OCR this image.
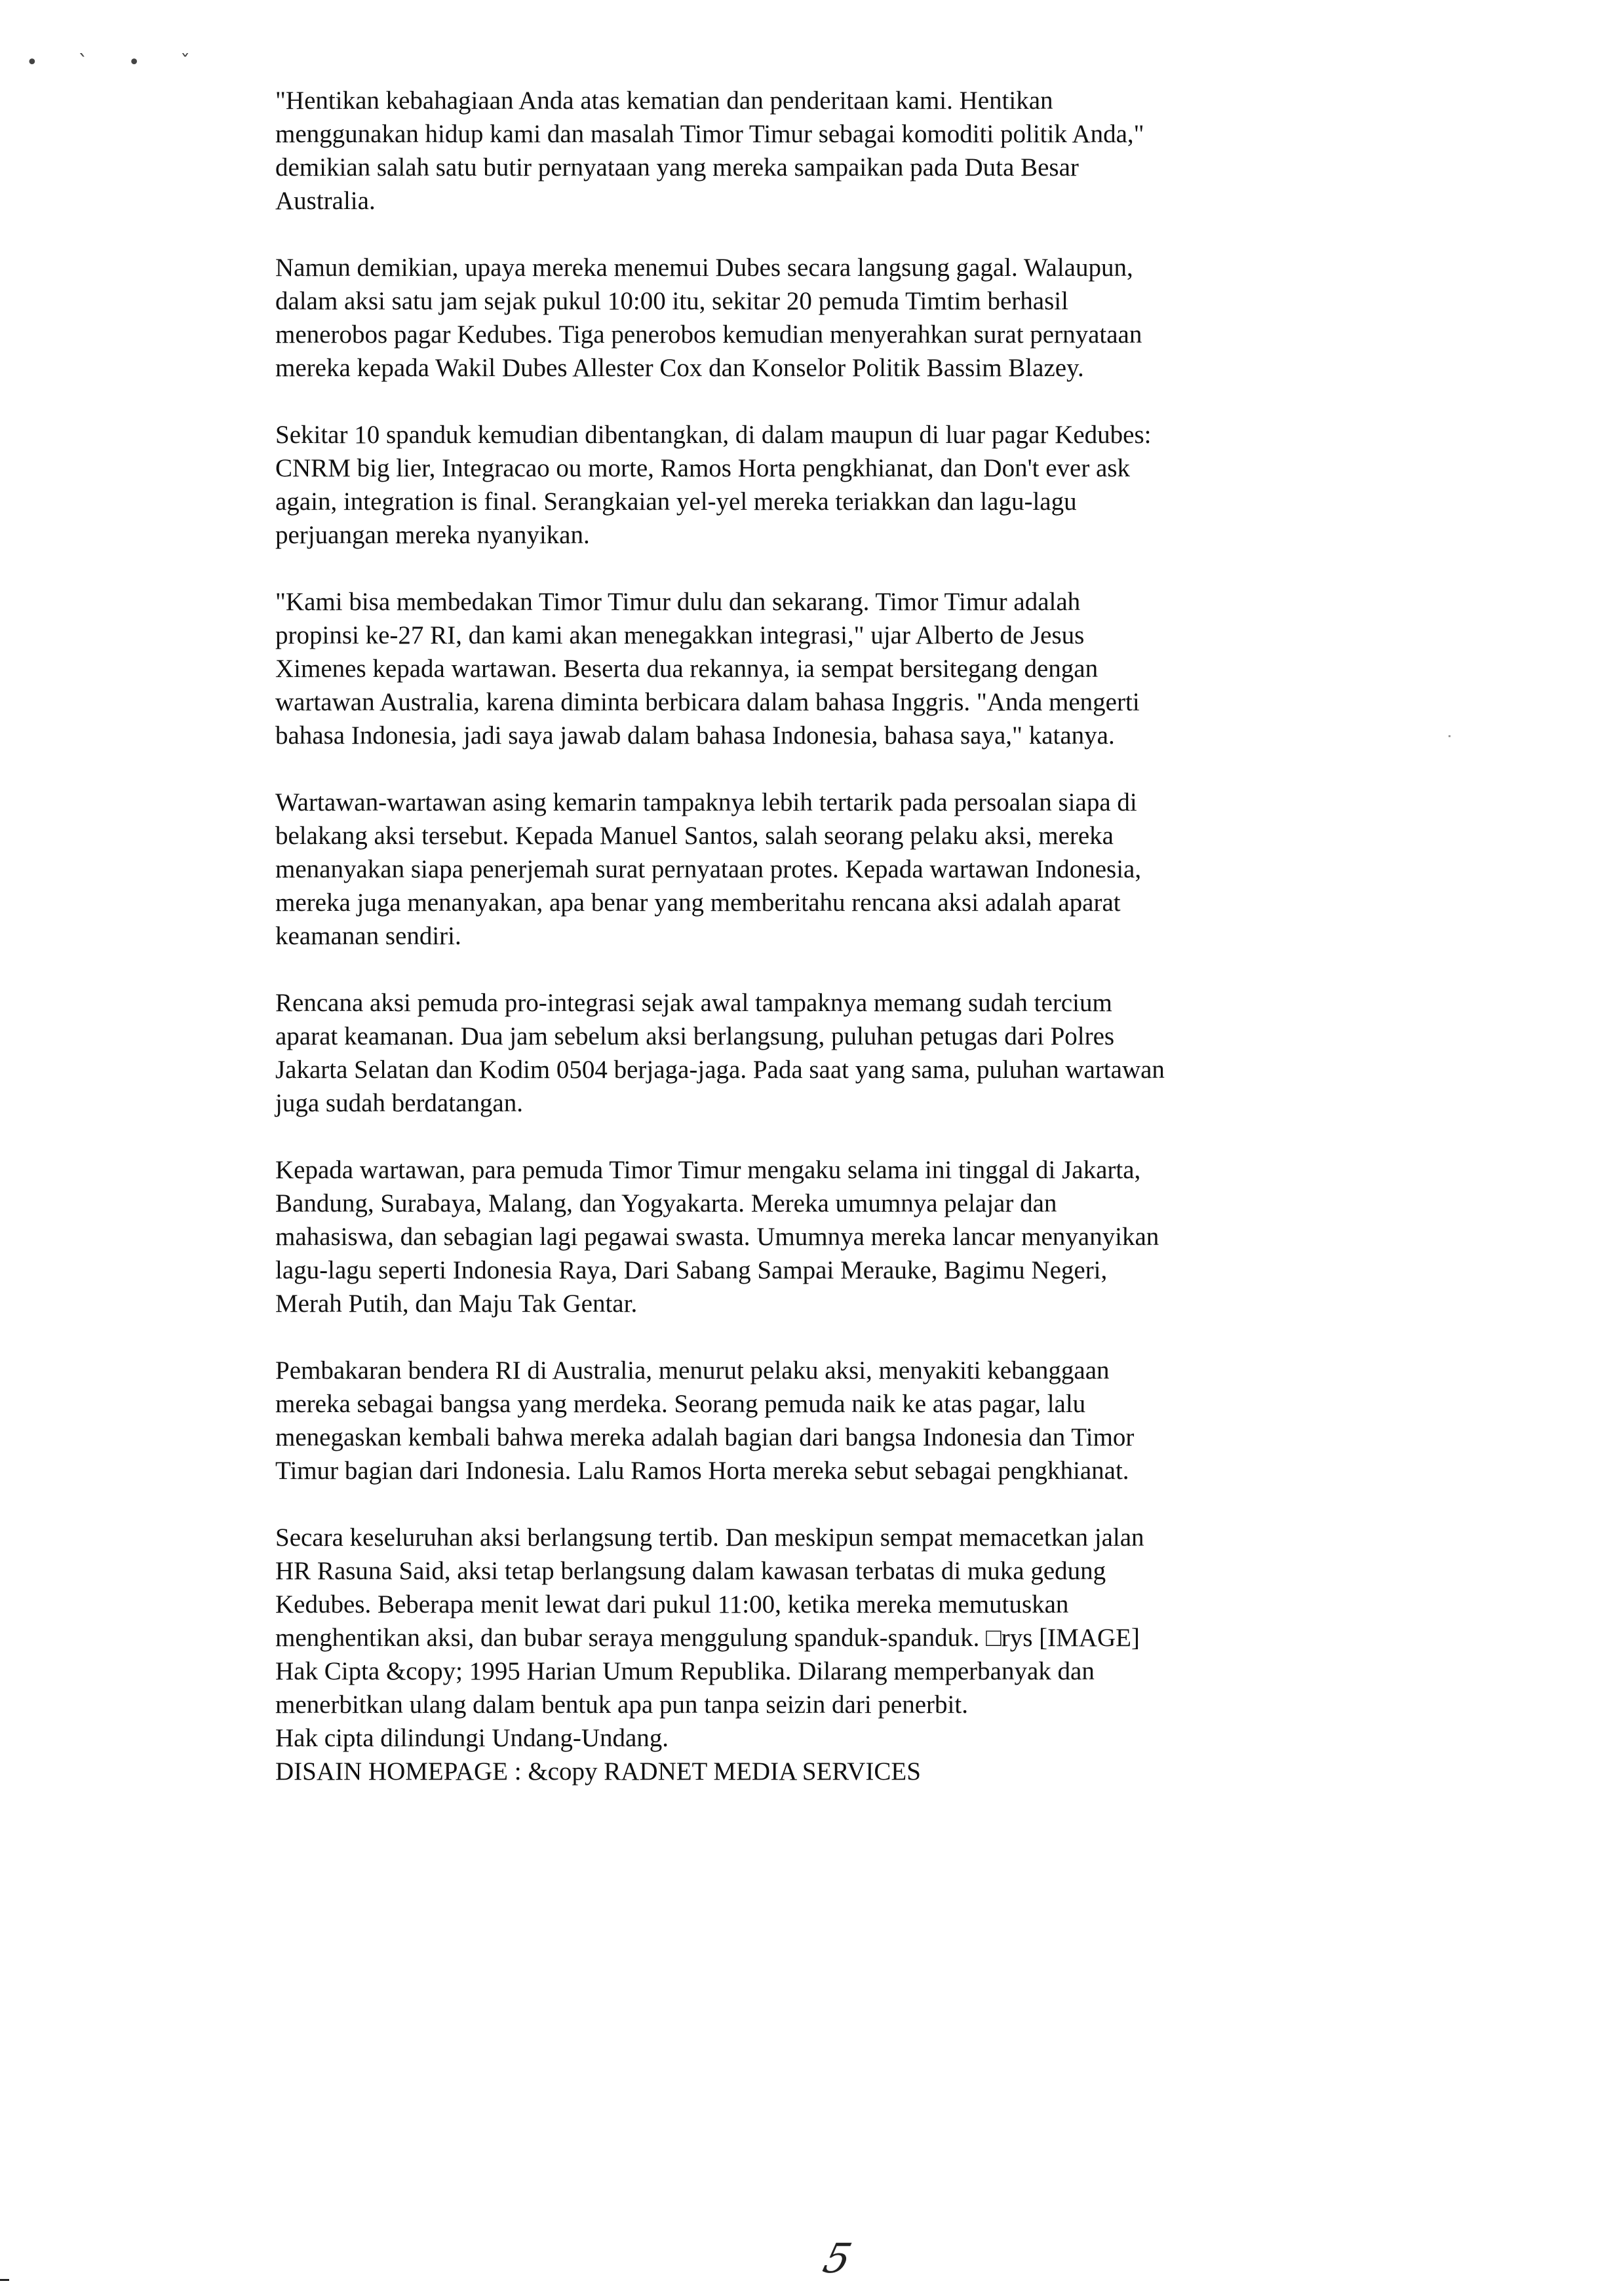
• ` • ˇ

"Hentikan kebahagiaan Anda atas kematian dan penderitaan kami. Hentikan menggunakan hidup kami dan masalah Timor Timur sebagai komoditi politik Anda," demikian salah satu butir pernyataan yang mereka sampaikan pada Duta Besar Australia.

Namun demikian, upaya mereka menemui Dubes secara langsung gagal. Walaupun, dalam aksi satu jam sejak pukul 10:00 itu, sekitar 20 pemuda Timtim berhasil menerobos pagar Kedubes. Tiga penerobos kemudian menyerahkan surat pernyataan mereka kepada Wakil Dubes Allester Cox dan Konselor Politik Bassim Blazey.

Sekitar 10 spanduk kemudian dibentangkan, di dalam maupun di luar pagar Kedubes: CNRM big lier, Integracao ou morte, Ramos Horta pengkhianat, dan Don't ever ask again, integration is final. Serangkaian yel-yel mereka teriakkan dan lagu-lagu perjuangan mereka nyanyikan.

"Kami bisa membedakan Timor Timur dulu dan sekarang. Timor Timur adalah propinsi ke-27 RI, dan kami akan menegakkan integrasi," ujar Alberto de Jesus Ximenes kepada wartawan. Beserta dua rekannya, ia sempat bersitegang dengan wartawan Australia, karena diminta berbicara dalam bahasa Inggris. "Anda mengerti bahasa Indonesia, jadi saya jawab dalam bahasa Indonesia, bahasa saya," katanya.

Wartawan-wartawan asing kemarin tampaknya lebih tertarik pada persoalan siapa di belakang aksi tersebut. Kepada Manuel Santos, salah seorang pelaku aksi, mereka menanyakan siapa penerjemah surat pernyataan protes. Kepada wartawan Indonesia, mereka juga menanyakan, apa benar yang memberitahu rencana aksi adalah aparat keamanan sendiri.

Rencana aksi pemuda pro-integrasi sejak awal tampaknya memang sudah tercium aparat keamanan. Dua jam sebelum aksi berlangsung, puluhan petugas dari Polres Jakarta Selatan dan Kodim 0504 berjaga-jaga. Pada saat yang sama, puluhan wartawan juga sudah berdatangan.

Kepada wartawan, para pemuda Timor Timur mengaku selama ini tinggal di Jakarta, Bandung, Surabaya, Malang, dan Yogyakarta. Mereka umumnya pelajar dan mahasiswa, dan sebagian lagi pegawai swasta. Umumnya mereka lancar menyanyikan lagu-lagu seperti Indonesia Raya, Dari Sabang Sampai Merauke, Bagimu Negeri, Merah Putih, dan Maju Tak Gentar.

Pembakaran bendera RI di Australia, menurut pelaku aksi, menyakiti kebanggaan mereka sebagai bangsa yang merdeka. Seorang pemuda naik ke atas pagar, lalu menegaskan kembali bahwa mereka adalah bagian dari bangsa Indonesia dan Timor Timur bagian dari Indonesia. Lalu Ramos Horta mereka sebut sebagai pengkhianat.

Secara keseluruhan aksi berlangsung tertib. Dan meskipun sempat memacetkan jalan HR Rasuna Said, aksi tetap berlangsung dalam kawasan terbatas di muka gedung Kedubes. Beberapa menit lewat dari pukul 11:00, ketika mereka memutuskan menghentikan aksi, dan bubar seraya menggulung spanduk-spanduk. □rys [IMAGE]

Hak Cipta &copy; 1995 Harian Umum Republika. Dilarang memperbanyak dan menerbitkan ulang dalam bentuk apa pun tanpa seizin dari penerbit.

Hak cipta dilindungi Undang-Undang.

DISAIN HOMEPAGE : &copy RADNET MEDIA SERVICES

5
